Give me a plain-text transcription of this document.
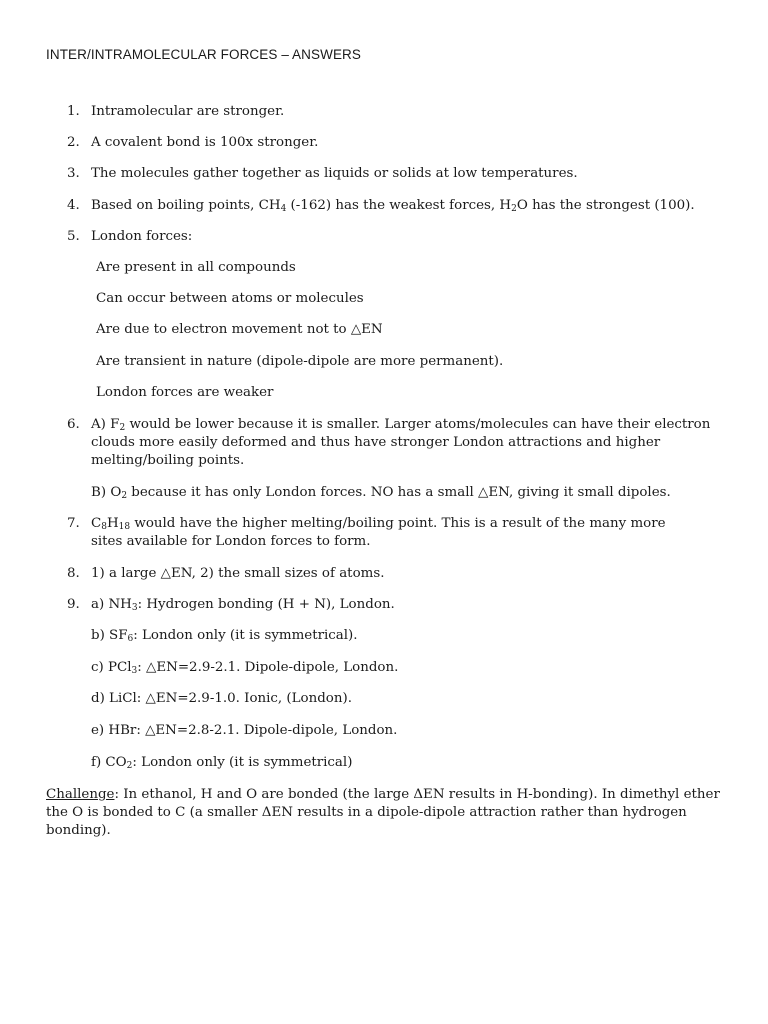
INTER/INTRAMOLECULAR FORCES – ANSWERS
1. Intramolecular are stronger.
2. A covalent bond is 100x stronger.
3. The molecules gather together as liquids or solids at low temperatures.
4. Based on boiling points, $CH_4$ (-162) has the weakest forces, $H_2O$ has the strongest (100).
5. London forces:
Are present in all compounds
Can occur between atoms or molecules
Are due to electron movement not to △EN
Are transient in nature (dipole-dipole are more permanent).
London forces are weaker
6. A) $F_2$ would be lower because it is smaller. Larger atoms/molecules can have their electron clouds more easily deformed and thus have stronger London attractions and higher melting/boiling points.
B) $O_2$ because it has only London forces. NO has a small △EN, giving it small dipoles.
7. $C_8H_{18}$ would have the higher melting/boiling point. This is a result of the many more sites available for London forces to form.
8. 1) a large △EN, 2) the small sizes of atoms.
9. a) $NH_3$: Hydrogen bonding (H + N), London.
b) $SF_6$: London only (it is symmetrical).
c) PCl$_3$: △EN=2.9-2.1. Dipole-dipole, London.
d) LiCl: △EN=2.9-1.0. Ionic, (London).
e) HBr: △EN=2.8-2.1. Dipole-dipole, London.
f) $CO_2$: London only (it is symmetrical)
Challenge: In ethanol, H and O are bonded (the large ΔEN results in H-bonding). In dimethyl ether the O is bonded to C (a smaller ΔEN results in a dipole-dipole attraction rather than hydrogen bonding).
